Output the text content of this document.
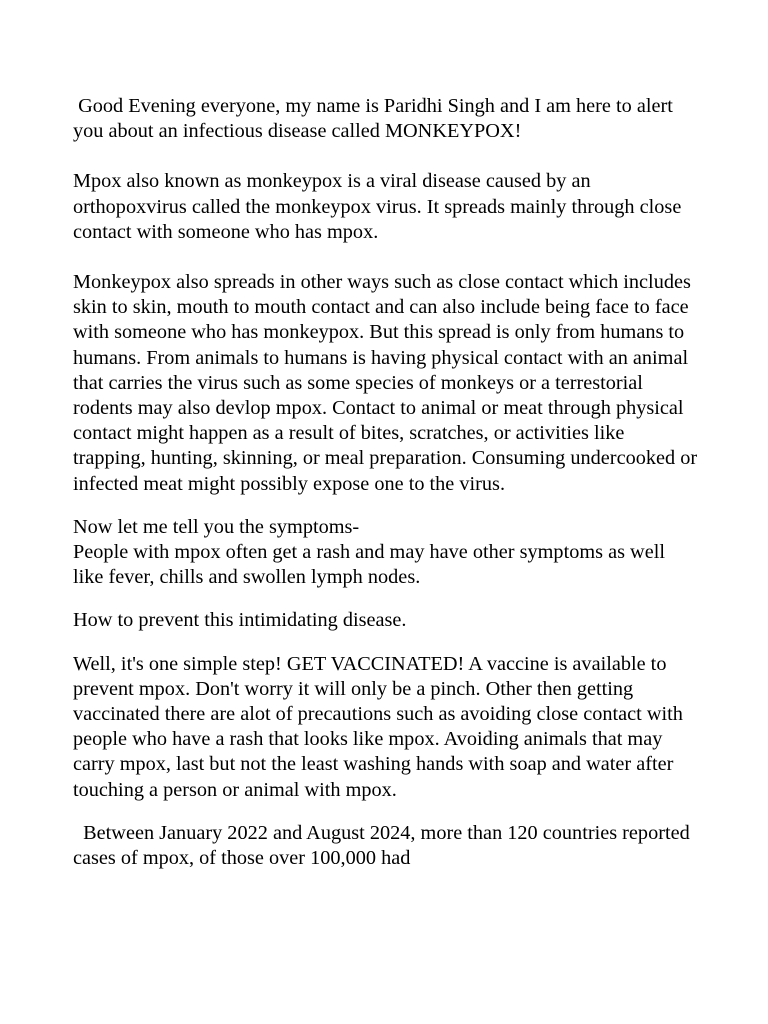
Good Evening everyone, my name is Paridhi Singh and I am here to alert you about an infectious disease called MONKEYPOX!

Mpox also known as monkeypox is a viral disease caused by an orthopoxvirus called the monkeypox virus. It spreads mainly through close contact with someone who has mpox.

Monkeypox also spreads in other ways such as close contact which includes skin to skin, mouth to mouth contact and can also include being face to face with someone who has monkeypox. But this spread is only from humans to humans. From animals to humans is having physical contact with an animal that carries the virus such as some species of monkeys or a terrestorial rodents may also devlop mpox. Contact to animal or meat through physical contact might happen as a result of bites, scratches, or activities like trapping, hunting, skinning, or meal preparation. Consuming undercooked or infected meat might possibly expose one to the virus.

Now let me tell you the symptoms-

People with mpox often get a rash and may have other symptoms as well like fever, chills and swollen lymph nodes.

How to prevent this intimidating disease.

Well, it's one simple step! GET VACCINATED! A vaccine is available to prevent mpox. Don't worry it will only be a pinch. Other then getting vaccinated there are alot of precautions such as avoiding close contact with people who have a rash that looks like mpox. Avoiding animals that may carry mpox, last but not the least washing hands with soap and water after touching a person or animal with mpox.

Between January 2022 and August 2024, more than 120 countries reported cases of mpox, of those over 100,000 had
